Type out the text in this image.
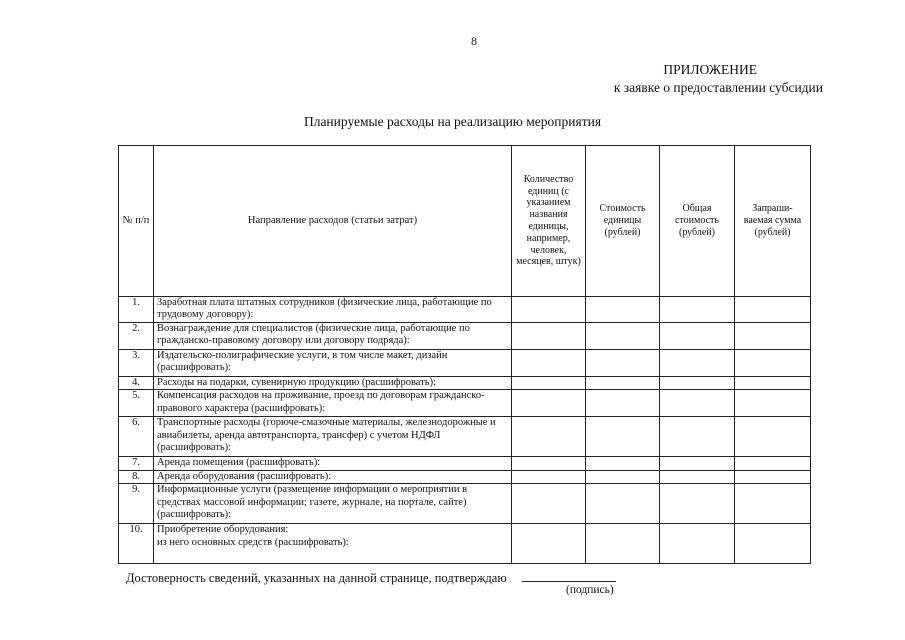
8
ПРИЛОЖЕНИЕ
к заявке о предоставлении субсидии
Планируемые расходы на реализацию мероприятия
№ п/п	Направление расходов (статьи затрат)	Количество единиц (с указанием названия единицы, например, человек, месяцев, штук)	Стоимость единицы (рублей)	Общая стоимость (рублей)	Запраши- ваемая сумма (рублей)
1.	Заработная плата штатных сотрудников (физические лица, работающие по трудовому договору):				
2.	Вознаграждение для специалистов (физические лица, работающие по гражданско-правовому договору или договору подряда):				
3.	Издательско-полиграфические услуги, в том числе макет, дизайн (расшифровать):				
4.	Расходы на подарки, сувенирную продукцию (расшифровать):				
5.	Компенсация расходов на проживание, проезд по договорам гражданско-правового характера (расшифровать):				
6.	Транспортные расходы (горюче-смазочные материалы, железнодорожные и авиабилеты, аренда автотранспорта, трансфер) с учетом НДФЛ (расшифровать):				
7.	Аренда помещения (расшифровать):				
8.	Аренда оборудования (расшифровать):				
9.	Информационные услуги (размещение информации о мероприятии в средствах массовой информации; газете, журнале, на портале, сайте) (расшифровать):				
10.	Приобретение оборудования:
из него основных средств (расшифровать):				
Достоверность сведений, указанных на данной странице, подтверждаю
(подпись)
